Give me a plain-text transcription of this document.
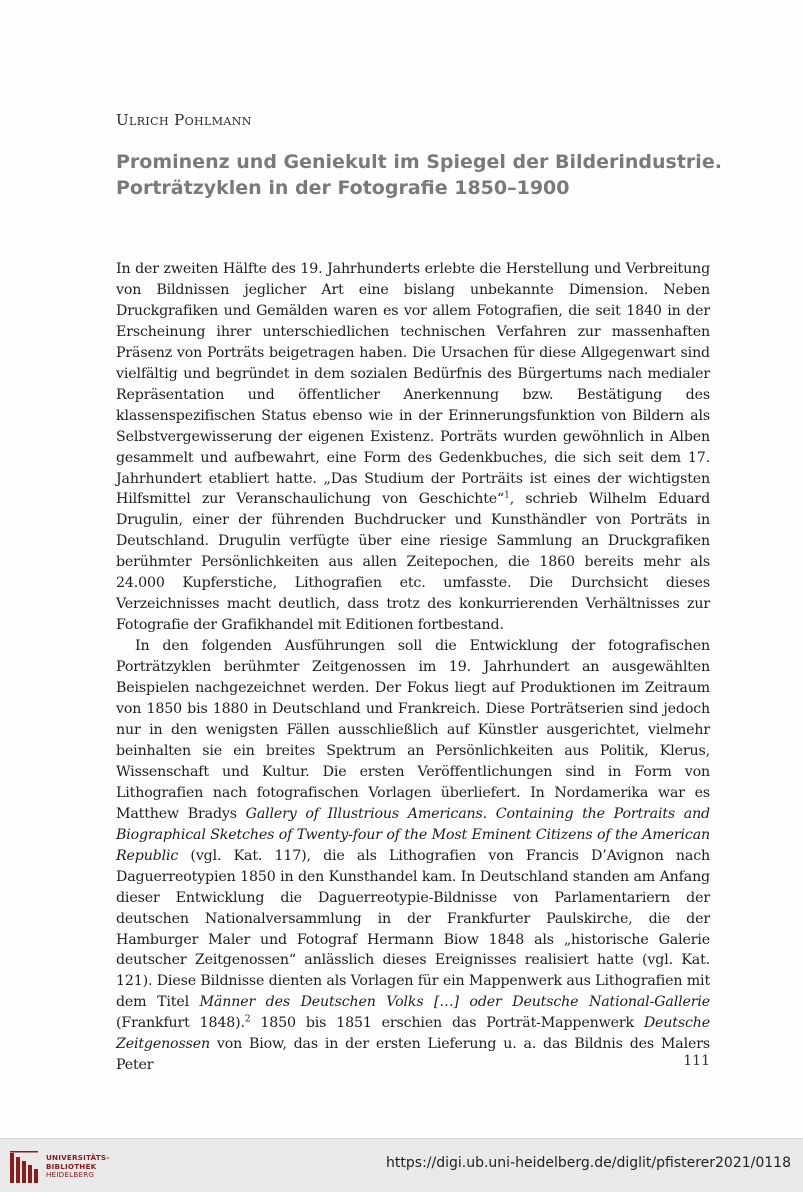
Ulrich Pohlmann
Prominenz und Geniekult im Spiegel der Bilderindustrie.
Porträtzyklen in der Fotografie 1850–1900

In der zweiten Hälfte des 19. Jahrhunderts erlebte die Herstellung und Verbreitung von Bildnissen jeglicher Art eine bislang unbekannte Dimension. Neben Druckgrafiken und Gemälden waren es vor allem Fotografien, die seit 1840 in der Erscheinung ihrer unterschiedlichen technischen Verfahren zur massenhaften Präsenz von Porträts beigetragen haben. Die Ursachen für diese Allgegenwart sind vielfältig und begründet in dem sozialen Bedürfnis des Bürgertums nach medialer Repräsentation und öffentlicher Anerkennung bzw. Bestätigung des klassenspezifischen Status ebenso wie in der Erinnerungsfunktion von Bildern als Selbstvergewisserung der eigenen Existenz. Porträts wurden gewöhnlich in Alben gesammelt und aufbewahrt, eine Form des Gedenkbuches, die sich seit dem 17. Jahrhundert etabliert hatte. „Das Studium der Porträits ist eines der wichtigsten Hilfsmittel zur Veranschaulichung von Geschichte“$^1$, schrieb Wilhelm Eduard Drugulin, einer der führenden Buchdrucker und Kunsthändler von Porträts in Deutschland. Drugulin verfügte über eine riesige Sammlung an Druckgrafiken berühmter Persönlichkeiten aus allen Zeitepochen, die 1860 bereits mehr als 24.000 Kupferstiche, Lithografien etc. umfasste. Die Durchsicht dieses Verzeichnisses macht deutlich, dass trotz des konkurrierenden Verhältnisses zur Fotografie der Grafikhandel mit Editionen fortbestand.

In den folgenden Ausführungen soll die Entwicklung der fotografischen Porträtzyklen berühmter Zeitgenossen im 19. Jahrhundert an ausgewählten Beispielen nachgezeichnet werden. Der Fokus liegt auf Produktionen im Zeitraum von 1850 bis 1880 in Deutschland und Frankreich. Diese Porträtserien sind jedoch nur in den wenigsten Fällen ausschließlich auf Künstler ausgerichtet, vielmehr beinhalten sie ein breites Spektrum an Persönlichkeiten aus Politik, Klerus, Wissenschaft und Kultur. Die ersten Veröffentlichungen sind in Form von Lithografien nach fotografischen Vorlagen überliefert. In Nordamerika war es Matthew Bradys Gallery of Illustrious Americans. Containing the Portraits and Biographical Sketches of Twenty-four of the Most Eminent Citizens of the American Republic (vgl. Kat. 117), die als Lithografien von Francis D’Avignon nach Daguerreotypien 1850 in den Kunsthandel kam. In Deutschland standen am Anfang dieser Entwicklung die Daguerreotypie-Bildnisse von Parlamentariern der deutschen Nationalversammlung in der Frankfurter Paulskirche, die der Hamburger Maler und Fotograf Hermann Biow 1848 als „historische Galerie deutscher Zeitgenossen“ anlässlich dieses Ereignisses realisiert hatte (vgl. Kat. 121). Diese Bildnisse dienten als Vorlagen für ein Mappenwerk aus Lithografien mit dem Titel Männer des Deutschen Volks […] oder Deutsche National-Gallerie (Frankfurt 1848).$^2$ 1850 bis 1851 erschien das Porträt-Mappenwerk Deutsche Zeitgenossen von Biow, das in der ersten Lieferung u. a. das Bildnis des Malers Peter	111
UNIVERSITÄTS-
BIBLIOTHEK
HEIDELBERG
https://digi.ub.uni-heidelberg.de/diglit/pfisterer2021/0118
